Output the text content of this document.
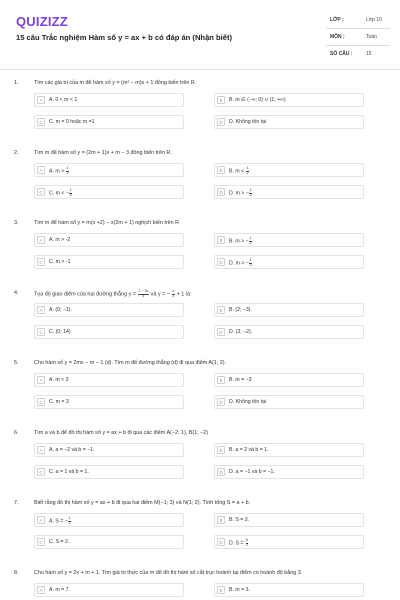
QUIZIZZ
15 câu Trắc nghiệm Hàm số y = ax + b có đáp án (Nhận biết)
LỚP :	Lớp 10
MÔN :	Toán
SỐ CÂU :	15
1.	Tìm các giá trị của m để hàm số y = (m² − m)x + 1 đồng biến trên R.
A	A. 0 < m < 1	B	B. m ∈ (−∞; 0) ∪ (1; +∞)
C	C. m = 0 hoặc m =1	D	D. Không tồn tại
2.	Tìm m để hàm số y = (2m + 1)x + m − 3 đồng biến trên R.
A	A. $m > \frac{1}{2}$	B	B. $m < \frac{1}{2}$
C	C. m < − $\frac{1}{2}$	D	D. m > − $\frac{1}{2}$
3.	Tìm m để hàm số y = m(x +2) − x(2m + 1) nghịch biến trên R
A	A. m > -2	B	B. m > − $\frac{1}{2}$
C	C. m > -1	D	D. m > − $\frac{1}{2}$
4.	Tọa độ giao điểm của hai đường thẳng $y = \frac{1 - 3x}{4}$ và y = − $\frac{x}{3} + 1$ là:
A	A. (0; −1).	B	B. (2; −3).
C	C. (0; 14)	D	D. (3; −2).
5.	Cho hàm số y = 2mx − m − 1 (d). Tìm m để đường thẳng (d) đi qua điểm A(1; 2).
A	A. m < 3	B	B. m = −3
C	C. m = 3	D	D. Không tồn tại
6.	Tìm a và b để đồ thị hàm số y = ax + b đi qua các điểm A(−2; 1), B(1; −2)
A	A. a = −2 và b = −1.	B	B. a = 2 và b = 1.
C	C. a = 1 và b = 1.	D	D. a = −1 và b = −1.
7.	Biết rằng đồ thị hàm số y = ax + b đi qua hai điểm M(−1; 3) và N(1; 2). Tính tổng S = a + b.
A	A. S = − $\frac{1}{2}$	B	B. S = 3.
C	C. S = 2.	D	D. $S = \frac{5}{2}$
8.	Cho hàm số y = 2x + m + 1. Tìm giá trị thực của m để đồ thị hàm số cắt trục hoành tại điểm có hoành độ bằng 3.
A	A. m = 7.	B	B. m = 3.
